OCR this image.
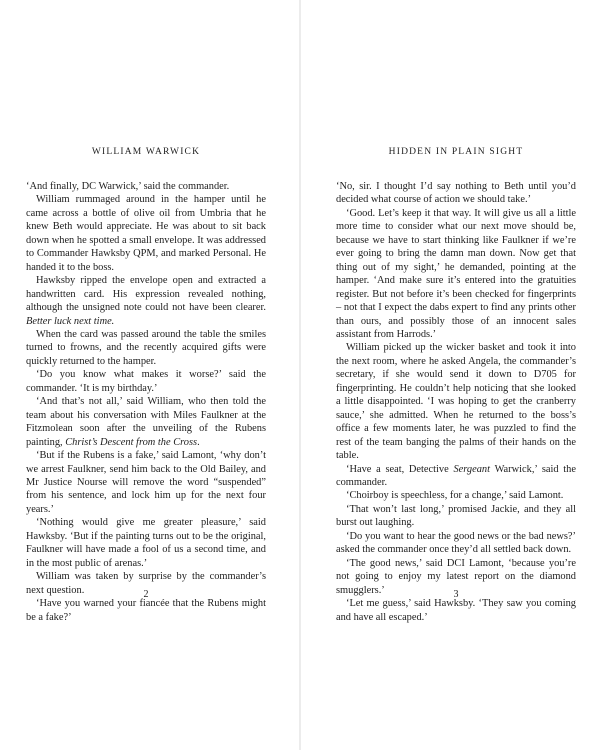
WILLIAM WARWICK

‘And finally, DC Warwick,’ said the commander.

William rummaged around in the hamper until he came across a bottle of olive oil from Umbria that he knew Beth would appreciate. He was about to sit back down when he spotted a small envelope. It was addressed to Commander Hawksby QPM, and marked Personal. He handed it to the boss.

Hawksby ripped the envelope open and extracted a handwritten card. His expression revealed nothing, although the unsigned note could not have been clearer. Better luck next time.

When the card was passed around the table the smiles turned to frowns, and the recently acquired gifts were quickly returned to the hamper.

‘Do you know what makes it worse?’ said the commander. ‘It is my birthday.’

‘And that’s not all,’ said William, who then told the team about his conversation with Miles Faulkner at the Fitzmolean soon after the unveiling of the Rubens painting, Christ’s Descent from the Cross.

‘But if the Rubens is a fake,’ said Lamont, ‘why don’t we arrest Faulkner, send him back to the Old Bailey, and Mr Justice Nourse will remove the word “suspended” from his sentence, and lock him up for the next four years.’

‘Nothing would give me greater pleasure,’ said Hawksby. ‘But if the painting turns out to be the original, Faulkner will have made a fool of us a second time, and in the most public of arenas.’

William was taken by surprise by the commander’s next question.

‘Have you warned your fiancée that the Rubens might be a fake?’

2
HIDDEN IN PLAIN SIGHT

‘No, sir. I thought I’d say nothing to Beth until you’d decided what course of action we should take.’

‘Good. Let’s keep it that way. It will give us all a little more time to consider what our next move should be, because we have to start thinking like Faulkner if we’re ever going to bring the damn man down. Now get that thing out of my sight,’ he demanded, pointing at the hamper. ‘And make sure it’s entered into the gratuities register. But not before it’s been checked for fingerprints – not that I expect the dabs expert to find any prints other than ours, and possibly those of an innocent sales assistant from Harrods.’

William picked up the wicker basket and took it into the next room, where he asked Angela, the commander’s secretary, if she would send it down to D705 for fingerprinting. He couldn’t help noticing that she looked a little disappointed. ‘I was hoping to get the cranberry sauce,’ she admitted. When he returned to the boss’s office a few moments later, he was puzzled to find the rest of the team banging the palms of their hands on the table.

‘Have a seat, Detective Sergeant Warwick,’ said the commander.

‘Choirboy is speechless, for a change,’ said Lamont.

‘That won’t last long,’ promised Jackie, and they all burst out laughing.

‘Do you want to hear the good news or the bad news?’ asked the commander once they’d all settled back down.

‘The good news,’ said DCI Lamont, ‘because you’re not going to enjoy my latest report on the diamond smugglers.’

‘Let me guess,’ said Hawksby. ‘They saw you coming and have all escaped.’

3
